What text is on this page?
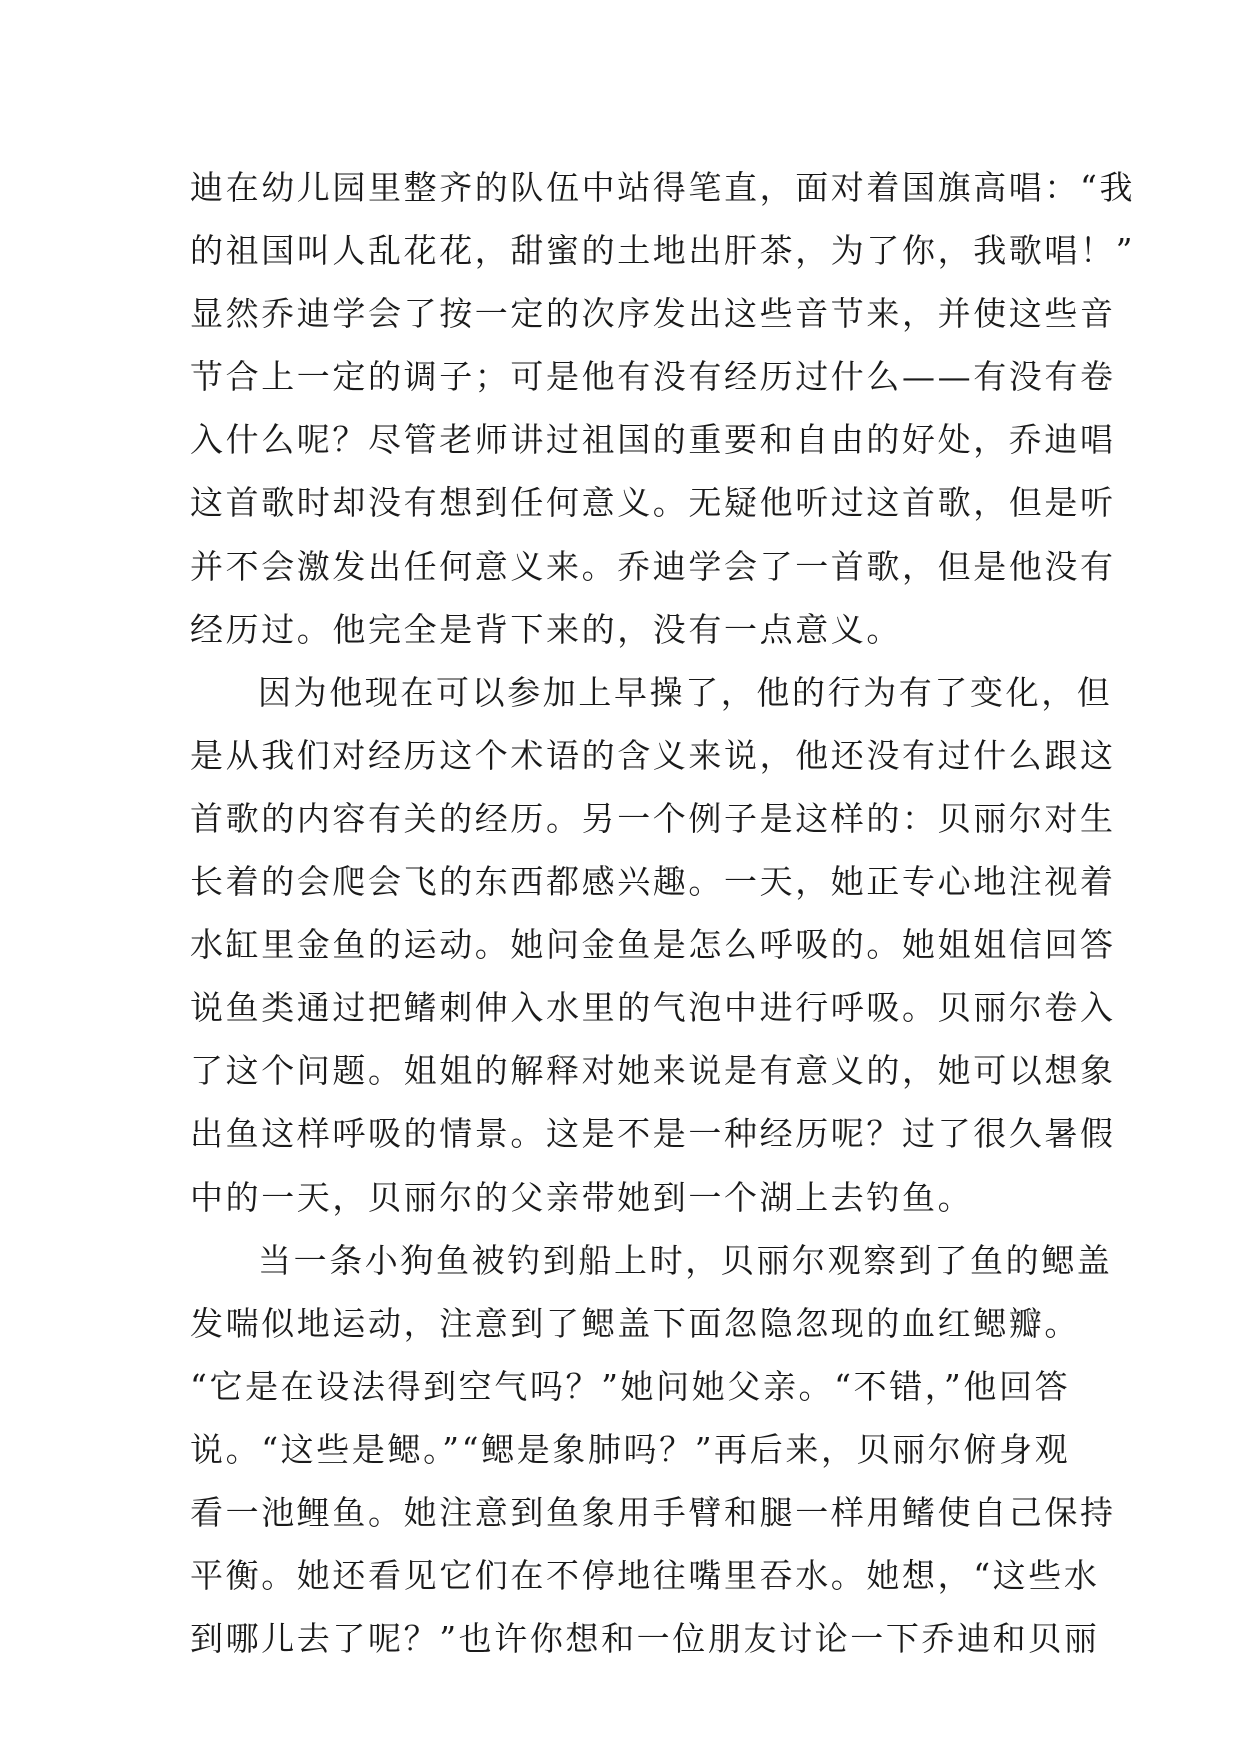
迪在幼儿园里整齐的队伍中站得笔直，面对着国旗高唱：“我
的祖国叫人乱花花，甜蜜的土地出肝茶，为了你，我歌唱！”
显然乔迪学会了按一定的次序发出这些音节来，并使这些音
节合上一定的调子；可是他有没有经历过什么——有没有卷
入什么呢？尽管老师讲过祖国的重要和自由的好处，乔迪唱
这首歌时却没有想到任何意义。无疑他听过这首歌，但是听
并不会激发出任何意义来。乔迪学会了一首歌，但是他没有
经历过。他完全是背下来的，没有一点意义。
因为他现在可以参加上早操了，他的行为有了变化，但
是从我们对经历这个术语的含义来说，他还没有过什么跟这
首歌的内容有关的经历。另一个例子是这样的：贝丽尔对生
长着的会爬会飞的东西都感兴趣。一天，她正专心地注视着
水缸里金鱼的运动。她问金鱼是怎么呼吸的。她姐姐信回答
说鱼类通过把鳍刺伸入水里的气泡中进行呼吸。贝丽尔卷入
了这个问题。姐姐的解释对她来说是有意义的，她可以想象
出鱼这样呼吸的情景。这是不是一种经历呢？过了很久暑假
中的一天，贝丽尔的父亲带她到一个湖上去钓鱼。
当一条小狗鱼被钓到船上时，贝丽尔观察到了鱼的鳃盖
发喘似地运动，注意到了鳃盖下面忽隐忽现的血红鳃瓣。
“它是在设法得到空气吗？”她问她父亲。“不错，”他回答
说。“这些是鳃。”“鳃是象肺吗？”再后来，贝丽尔俯身观
看一池鲤鱼。她注意到鱼象用手臂和腿一样用鳍使自己保持
平衡。她还看见它们在不停地往嘴里吞水。她想，“这些水
到哪儿去了呢？”也许你想和一位朋友讨论一下乔迪和贝丽
